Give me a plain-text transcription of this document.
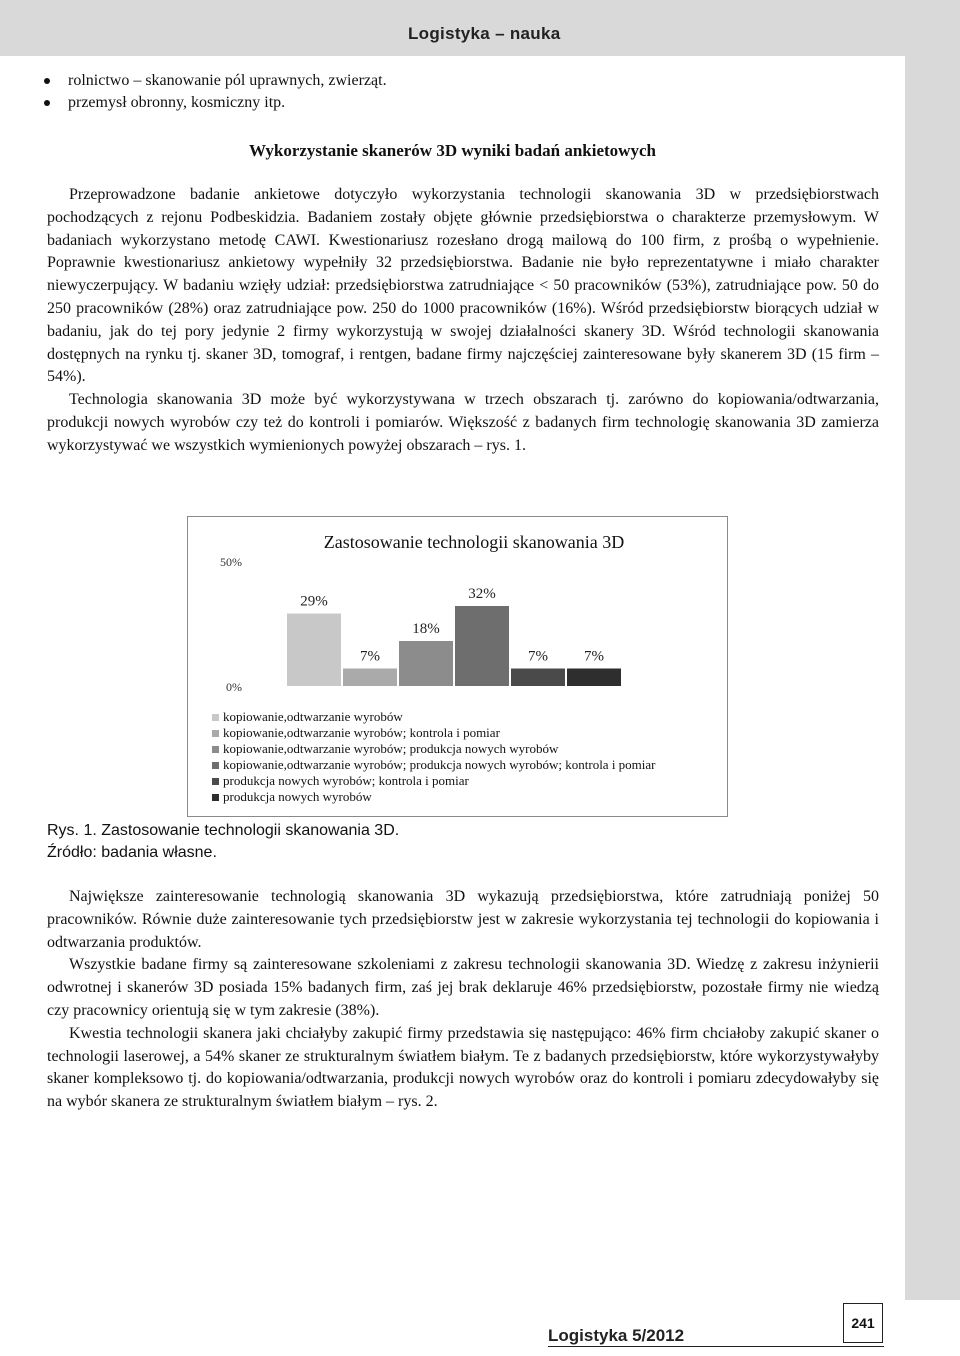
Logistyka – nauka
rolnictwo – skanowanie pól uprawnych, zwierząt.
przemysł obronny, kosmiczny itp.
Wykorzystanie skanerów 3D wyniki badań ankietowych

Przeprowadzone badanie ankietowe dotyczyło wykorzystania technologii skanowania 3D w przedsiębiorstwach pochodzących z rejonu Podbeskidzia. Badaniem zostały objęte głównie przedsiębiorstwa o charakterze przemysłowym. W badaniach wykorzystano metodę CAWI. Kwestionariusz rozesłano drogą mailową do 100 firm, z prośbą o wypełnienie. Poprawnie kwestionariusz ankietowy wypełniły 32 przedsiębiorstwa. Badanie nie było reprezentatywne i miało charakter niewyczerpujący. W badaniu wzięły udział: przedsiębiorstwa zatrudniające < 50 pracowników (53%), zatrudniające pow. 50 do 250 pracowników (28%) oraz zatrudniające pow. 250 do 1000 pracowników (16%). Wśród przedsiębiorstw biorących udział w badaniu, jak do tej pory jedynie 2 firmy wykorzystują w swojej działalności skanery 3D. Wśród technologii skanowania dostępnych na rynku tj. skaner 3D, tomograf, i rentgen, badane firmy najczęściej zainteresowane były skanerem 3D (15 firm – 54%).

Technologia skanowania 3D może być wykorzystywana w trzech obszarach tj. zarówno do kopiowania/odtwarzania, produkcji nowych wyrobów czy też do kontroli i pomiarów. Większość z badanych firm technologię skanowania 3D zamierza wykorzystywać we wszystkich wymienionych powyżej obszarach – rys. 1.

Zastosowanie technologii skanowania 3D
50%
0%
29%
7%
18%
32%
7% 7%
kopiowanie,odtwarzanie wyrobów
kopiowanie,odtwarzanie wyrobów; kontrola i pomiar
kopiowanie,odtwarzanie wyrobów; produkcja nowych wyrobów
kopiowanie,odtwarzanie wyrobów; produkcja nowych wyrobów; kontrola i pomiar
produkcja nowych wyrobów; kontrola i pomiar
produkcja nowych wyrobów
Rys. 1. Zastosowanie technologii skanowania 3D.
Źródło: badania własne.

Największe zainteresowanie technologią skanowania 3D wykazują przedsiębiorstwa, które zatrudniają poniżej 50 pracowników. Równie duże zainteresowanie tych przedsiębiorstw jest w zakresie wykorzystania tej technologii do kopiowania i odtwarzania produktów.

Wszystkie badane firmy są zainteresowane szkoleniami z zakresu technologii skanowania 3D. Wiedzę z zakresu inżynierii odwrotnej i skanerów 3D posiada 15% badanych firm, zaś jej brak deklaruje 46% przedsiębiorstw, pozostałe firmy nie wiedzą czy pracownicy orientują się w tym zakresie (38%).

Kwestia technologii skanera jaki chciałyby zakupić firmy przedstawia się następująco: 46% firm chciałoby zakupić skaner o technologii laserowej, a 54% skaner ze strukturalnym światłem białym. Te z badanych przedsiębiorstw, które wykorzystywałyby skaner kompleksowo tj. do kopiowania/odtwarzania, produkcji nowych wyrobów oraz do kontroli i pomiaru zdecydowałyby się na wybór skanera ze strukturalnym światłem białym – rys. 2.

Logistyka 5/2012
241
